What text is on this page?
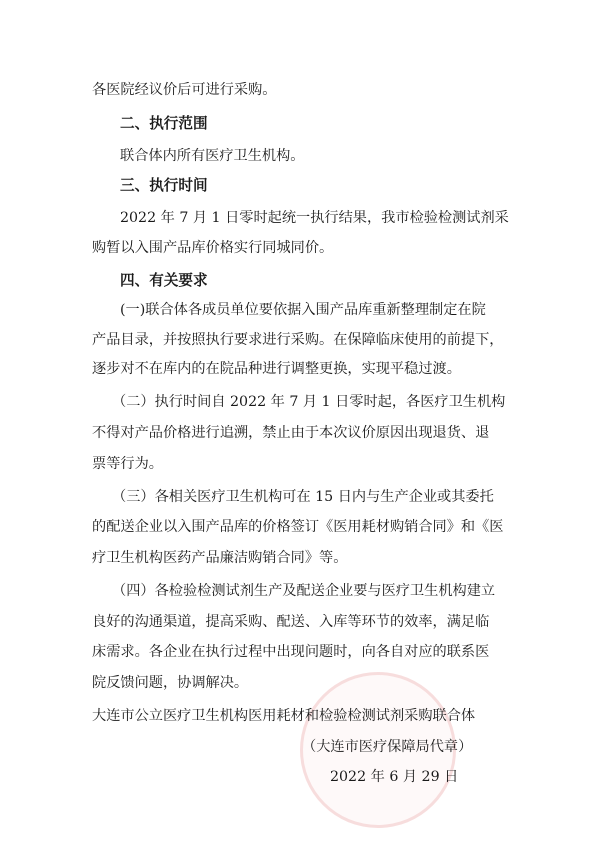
各医院经议价后可进行采购。
二、执行范围
联合体内所有医疗卫生机构。
三、执行时间
2022 年 7 月 1 日零时起统一执行结果，我市检验检测试剂采
购暂以入围产品库价格实行同城同价。
四、有关要求
(一)联合体各成员单位要依据入围产品库重新整理制定在院
产品目录，并按照执行要求进行采购。在保障临床使用的前提下，
逐步对不在库内的在院品种进行调整更换，实现平稳过渡。
（二）执行时间自 2022 年 7 月 1 日零时起，各医疗卫生机构
不得对产品价格进行追溯，禁止由于本次议价原因出现退货、退
票等行为。
（三）各相关医疗卫生机构可在 15 日内与生产企业或其委托
的配送企业以入围产品库的价格签订《医用耗材购销合同》和《医
疗卫生机构医药产品廉洁购销合同》等。
（四）各检验检测试剂生产及配送企业要与医疗卫生机构建立
良好的沟通渠道，提高采购、配送、入库等环节的效率，满足临
床需求。各企业在执行过程中出现问题时，向各自对应的联系医
院反馈问题，协调解决。
大连市公立医疗卫生机构医用耗材和检验检测试剂采购联合体
（大连市医疗保障局代章）
2022 年 6 月 29 日
